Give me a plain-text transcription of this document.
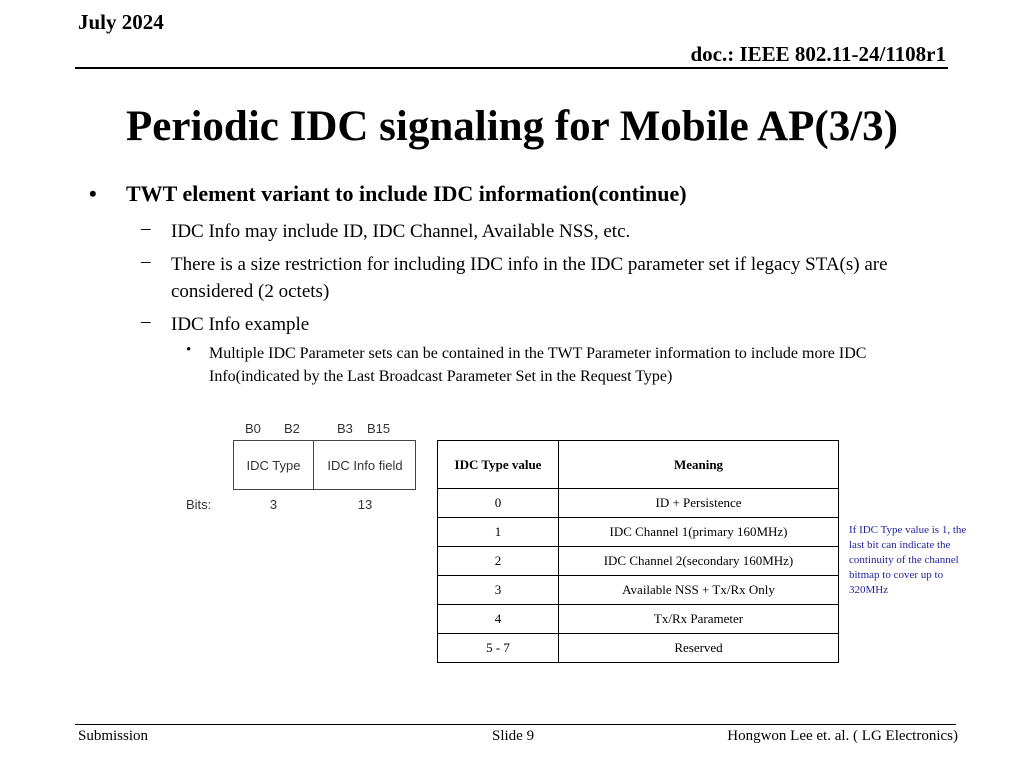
July 2024
doc.: IEEE 802.11-24/1108r1
Periodic IDC signaling for Mobile AP(3/3)
• TWT element variant to include IDC information(continue)
– IDC Info may include ID, IDC Channel, Available NSS, etc.
– There is a size restriction for including IDC info in the IDC parameter set if legacy STA(s) are considered (2 octets)
– IDC Info example
• Multiple IDC Parameter sets can be contained in the TWT Parameter information to include more IDC Info(indicated by the Last Broadcast Parameter Set in the Request Type)
B0 B2	B3 B15
IDC Type	IDC Info field
Bits:	3	13
IDC Type value	Meaning
0	ID + Persistence
1	IDC Channel 1(primary 160MHz)
2	IDC Channel 2(secondary 160MHz)
3	Available NSS + Tx/Rx Only
4	Tx/Rx Parameter
5 - 7	Reserved
If IDC Type value is 1, the last bit can indicate the continuity of the channel bitmap to cover up to 320MHz
Submission	Slide 9	Hongwon Lee et. al. ( LG Electronics)
